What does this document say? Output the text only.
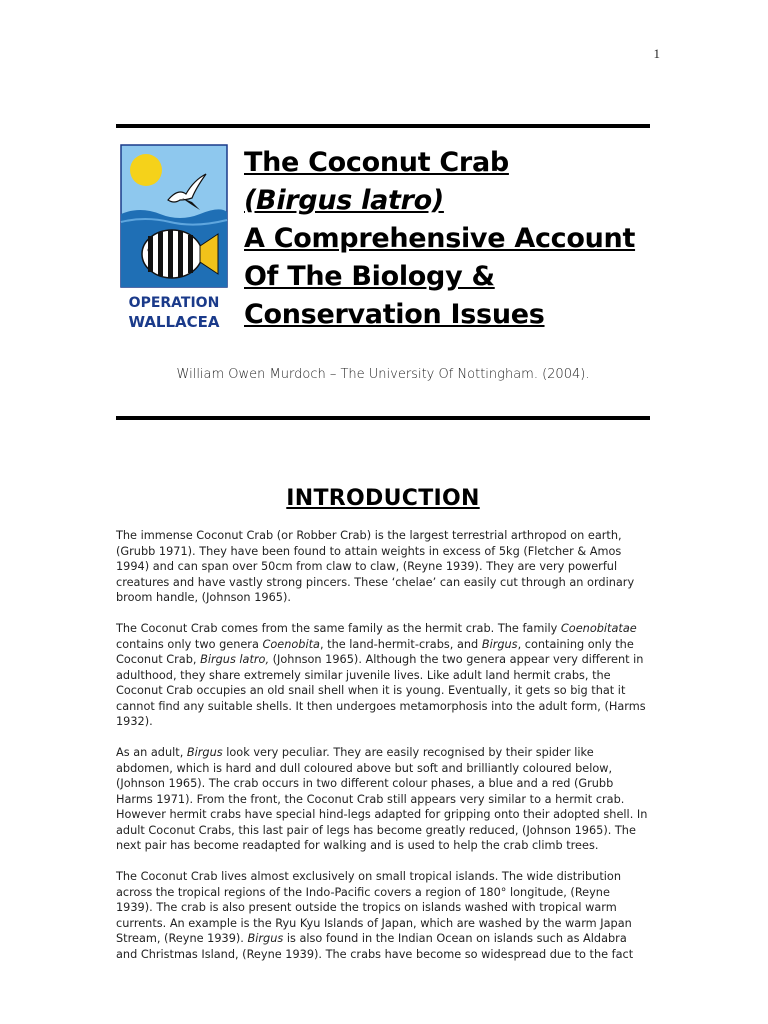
1
OPERATION
WALLACEA
The Coconut Crab
(Birgus latro)
A Comprehensive Account
Of The Biology &
Conservation Issues
William Owen Murdoch – The University Of Nottingham. (2004).
INTRODUCTION

The immense Coconut Crab (or Robber Crab) is the largest terrestrial arthropod on earth,
(Grubb 1971). They have been found to attain weights in excess of 5kg (Fletcher & Amos
1994) and can span over 50cm from claw to claw, (Reyne 1939). They are very powerful
creatures and have vastly strong pincers. These ‘chelae’ can easily cut through an ordinary
broom handle, (Johnson 1965).

The Coconut Crab comes from the same family as the hermit crab. The family Coenobitatae
contains only two genera Coenobita, the land-hermit-crabs, and Birgus, containing only the
Coconut Crab, Birgus latro, (Johnson 1965). Although the two genera appear very different in
adulthood, they share extremely similar juvenile lives. Like adult land hermit crabs, the
Coconut Crab occupies an old snail shell when it is young. Eventually, it gets so big that it
cannot find any suitable shells. It then undergoes metamorphosis into the adult form, (Harms
1932).

As an adult, Birgus look very peculiar. They are easily recognised by their spider like
abdomen, which is hard and dull coloured above but soft and brilliantly coloured below,
(Johnson 1965). The crab occurs in two different colour phases, a blue and a red (Grubb
Harms 1971). From the front, the Coconut Crab still appears very similar to a hermit crab.
However hermit crabs have special hind-legs adapted for gripping onto their adopted shell. In
adult Coconut Crabs, this last pair of legs has become greatly reduced, (Johnson 1965). The
next pair has become readapted for walking and is used to help the crab climb trees.

The Coconut Crab lives almost exclusively on small tropical islands. The wide distribution
across the tropical regions of the Indo-Pacific covers a region of 180° longitude, (Reyne
1939). The crab is also present outside the tropics on islands washed with tropical warm
currents. An example is the Ryu Kyu Islands of Japan, which are washed by the warm Japan
Stream, (Reyne 1939). Birgus is also found in the Indian Ocean on islands such as Aldabra
and Christmas Island, (Reyne 1939). The crabs have become so widespread due to the fact
